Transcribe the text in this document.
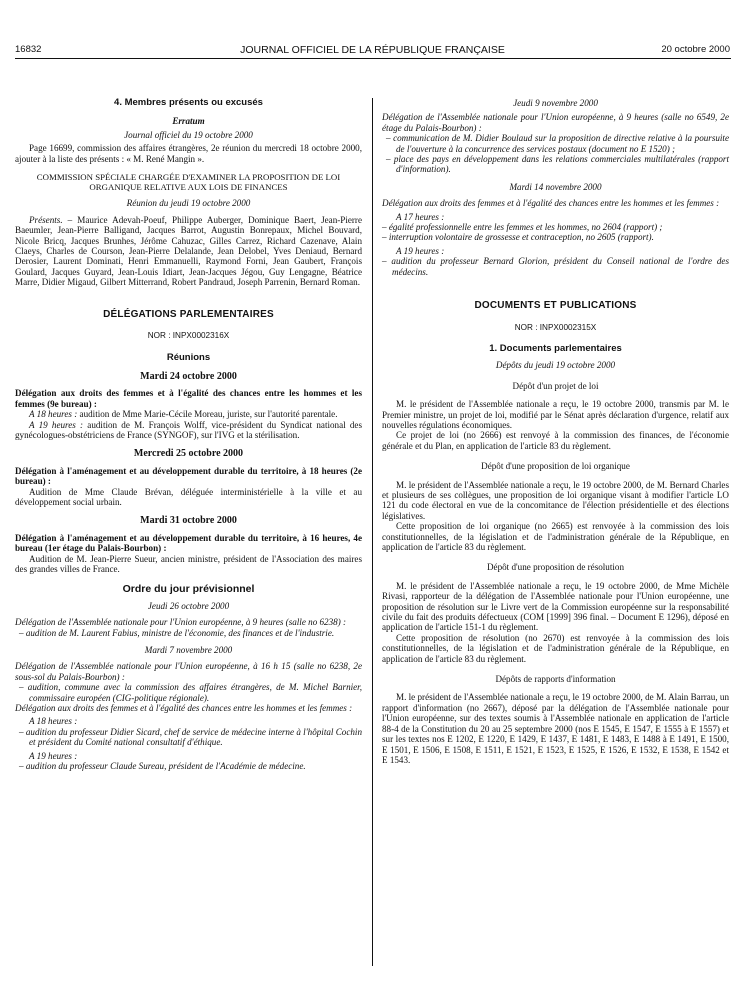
16832	JOURNAL OFFICIEL DE LA RÉPUBLIQUE FRANÇAISE	20 octobre 2000
4. Membres présents ou excusés
Erratum
Journal officiel du 19 octobre 2000

Page 16699, commission des affaires étrangères, 2e réunion du mercredi 18 octobre 2000, ajouter à la liste des présents : « M. René Mangin ».

COMMISSION SPÉCIALE CHARGÉE D'EXAMINER LA PROPOSITION DE LOI ORGANIQUE RELATIVE AUX LOIS DE FINANCES
Réunion du jeudi 19 octobre 2000

Présents. – Maurice Adevah-Poeuf, Philippe Auberger, Dominique Baert, Jean-Pierre Baeumler, Jean-Pierre Balligand, Jacques Barrot, Augustin Bonrepaux, Michel Bouvard, Nicole Bricq, Jacques Brunhes, Jérôme Cahuzac, Gilles Carrez, Richard Cazenave, Alain Claeys, Charles de Courson, Jean-Pierre Delalande, Jean Delobel, Yves Deniaud, Bernard Derosier, Laurent Dominati, Henri Emmanuelli, Raymond Forni, Jean Gaubert, François Goulard, Jacques Guyard, Jean-Louis Idiart, Jean-Jacques Jégou, Guy Lengagne, Béatrice Marre, Didier Migaud, Gilbert Mitterrand, Robert Pandraud, Joseph Parrenin, Bernard Roman.

DÉLÉGATIONS PARLEMENTAIRES
NOR : INPX0002316X
Réunions
Mardi 24 octobre 2000

Délégation aux droits des femmes et à l'égalité des chances entre les hommes et les femmes (9e bureau) :

A 18 heures : audition de Mme Marie-Cécile Moreau, juriste, sur l'autorité parentale.

A 19 heures : audition de M. François Wolff, vice-président du Syndicat national des gynécologues-obstétriciens de France (SYNGOF), sur l'IVG et la stérilisation.

Mercredi 25 octobre 2000

Délégation à l'aménagement et au développement durable du territoire, à 18 heures (2e bureau) :

Audition de Mme Claude Brévan, déléguée interministérielle à la ville et au développement social urbain.

Mardi 31 octobre 2000

Délégation à l'aménagement et au développement durable du territoire, à 16 heures, 4e bureau (1er étage du Palais-Bourbon) :

Audition de M. Jean-Pierre Sueur, ancien ministre, président de l'Association des maires des grandes villes de France.

Ordre du jour prévisionnel
Jeudi 26 octobre 2000

Délégation de l'Assemblée nationale pour l'Union européenne, à 9 heures (salle no 6238) :

– audition de M. Laurent Fabius, ministre de l'économie, des finances et de l'industrie.

Mardi 7 novembre 2000

Délégation de l'Assemblée nationale pour l'Union européenne, à 16 h 15 (salle no 6238, 2e sous-sol du Palais-Bourbon) :

– audition, commune avec la commission des affaires étrangères, de M. Michel Barnier, commissaire européen (CIG-politique régionale).

Délégation aux droits des femmes et à l'égalité des chances entre les hommes et les femmes :

A 18 heures :

– audition du professeur Didier Sicard, chef de service de médecine interne à l'hôpital Cochin et président du Comité national consultatif d'éthique.

A 19 heures :

– audition du professeur Claude Sureau, président de l'Académie de médecine.

Jeudi 9 novembre 2000

Délégation de l'Assemblée nationale pour l'Union européenne, à 9 heures (salle no 6549, 2e étage du Palais-Bourbon) :

– communication de M. Didier Boulaud sur la proposition de directive relative à la poursuite de l'ouverture à la concurrence des services postaux (document no E 1520) ;

– place des pays en développement dans les relations commerciales multilatérales (rapport d'information).

Mardi 14 novembre 2000

Délégation aux droits des femmes et à l'égalité des chances entre les hommes et les femmes :

A 17 heures :

– égalité professionnelle entre les femmes et les hommes, no 2604 (rapport) ;

– interruption volontaire de grossesse et contraception, no 2605 (rapport).

A 19 heures :

– audition du professeur Bernard Glorion, président du Conseil national de l'ordre des médecins.

DOCUMENTS ET PUBLICATIONS
NOR : INPX0002315X
1. Documents parlementaires
Dépôts du jeudi 19 octobre 2000
Dépôt d'un projet de loi

M. le président de l'Assemblée nationale a reçu, le 19 octobre 2000, transmis par M. le Premier ministre, un projet de loi, modifié par le Sénat après déclaration d'urgence, relatif aux nouvelles régulations économiques.

Ce projet de loi (no 2666) est renvoyé à la commission des finances, de l'économie générale et du Plan, en application de l'article 83 du règlement.

Dépôt d'une proposition de loi organique

M. le président de l'Assemblée nationale a reçu, le 19 octobre 2000, de M. Bernard Charles et plusieurs de ses collègues, une proposition de loi organique visant à modifier l'article LO 121 du code électoral en vue de la concomitance de l'élection présidentielle et des élections législatives.

Cette proposition de loi organique (no 2665) est renvoyée à la commission des lois constitutionnelles, de la législation et de l'administration générale de la République, en application de l'article 83 du règlement.

Dépôt d'une proposition de résolution

M. le président de l'Assemblée nationale a reçu, le 19 octobre 2000, de Mme Michèle Rivasi, rapporteur de la délégation de l'Assemblée nationale pour l'Union européenne, une proposition de résolution sur le Livre vert de la Commission européenne sur la responsabilité civile du fait des produits défectueux (COM [1999] 396 final. – Document E 1296), déposé en application de l'article 151-1 du règlement.

Cette proposition de résolution (no 2670) est renvoyée à la commission des lois constitutionnelles, de la législation et de l'administration générale de la République, en application de l'article 83 du règlement.

Dépôts de rapports d'information

M. le président de l'Assemblée nationale a reçu, le 19 octobre 2000, de M. Alain Barrau, un rapport d'information (no 2667), déposé par la délégation de l'Assemblée nationale pour l'Union européenne, sur des textes soumis à l'Assemblée nationale en application de l'article 88-4 de la Constitution du 20 au 25 septembre 2000 (nos E 1545, E 1547, E 1555 à E 1557) et sur les textes nos E 1202, E 1220, E 1429, E 1437, E 1481, E 1483, E 1488 à E 1491, E 1500, E 1501, E 1506, E 1508, E 1511, E 1521, E 1523, E 1525, E 1526, E 1532, E 1538, E 1542 et E 1543.
